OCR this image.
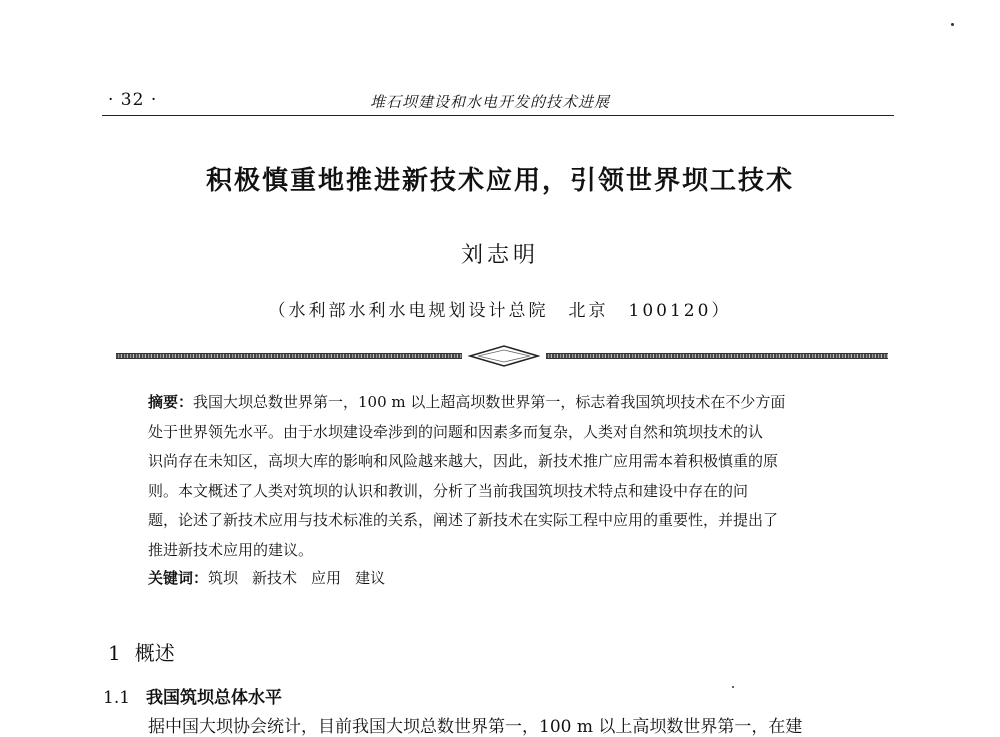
· 32 ·	堆石坝建设和水电开发的技术进展
积极慎重地推进新技术应用，引领世界坝工技术
刘志明
（水利部水利水电规划设计总院　北京　100120）
摘要：我国大坝总数世界第一，100 m 以上超高坝数世界第一，标志着我国筑坝技术在不少方面
处于世界领先水平。由于水坝建设牵涉到的问题和因素多而复杂，人类对自然和筑坝技术的认
识尚存在未知区，高坝大库的影响和风险越来越大，因此，新技术推广应用需本着积极慎重的原
则。本文概述了人类对筑坝的认识和教训，分析了当前我国筑坝技术特点和建设中存在的问
题，论述了新技术应用与技术标准的关系，阐述了新技术在实际工程中应用的重要性，并提出了
推进新技术应用的建议。
关键词：筑坝 新技术 应用 建议
1 概述
1.1 我国筑坝总体水平
据中国大坝协会统计，目前我国大坝总数世界第一，100 m 以上高坝数世界第一，在建
